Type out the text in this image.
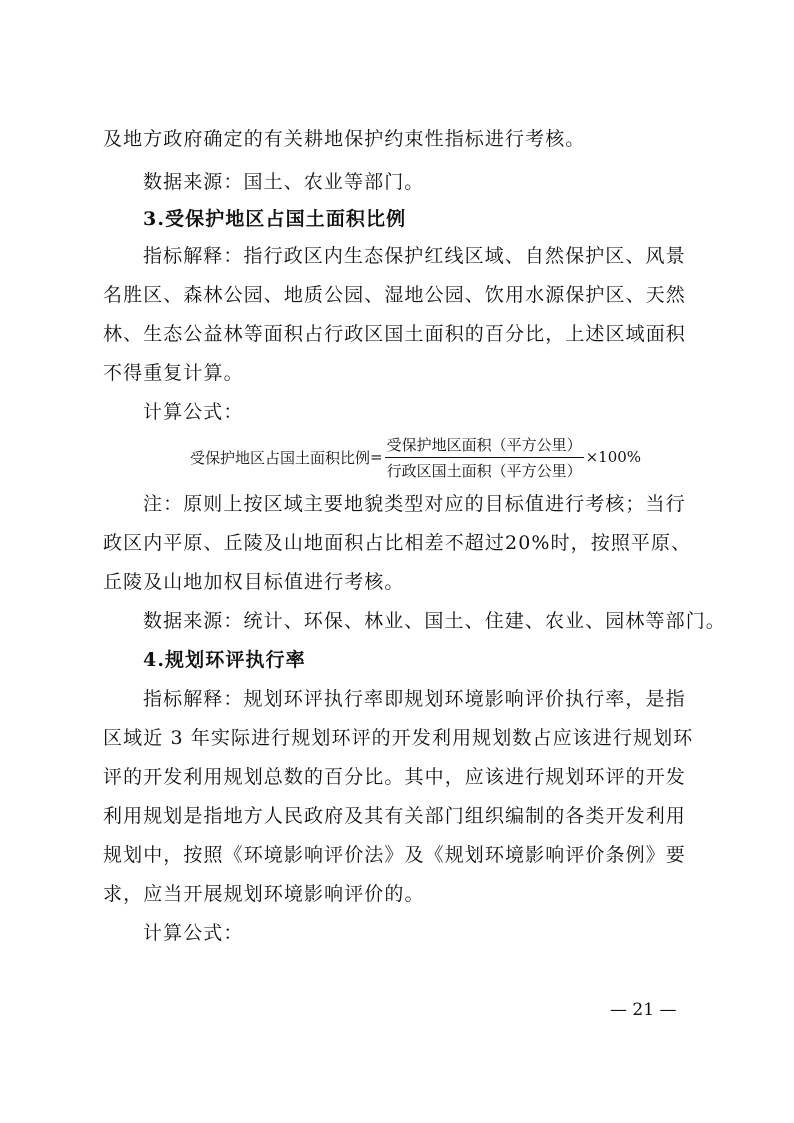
及地方政府确定的有关耕地保护约束性指标进行考核。
数据来源：国土、农业等部门。
3.受保护地区占国土面积比例
指标解释：指行政区内生态保护红线区域、自然保护区、风景
名胜区、森林公园、地质公园、湿地公园、饮用水源保护区、天然
林、生态公益林等面积占行政区国土面积的百分比，上述区域面积
不得重复计算。
计算公式：
受保护地区占国土面积比例 = $\frac{\text{受保护地区面积（平方公里）}}{\text{行政区国土面积（平方公里）}} \times 100\%$
注：原则上按区域主要地貌类型对应的目标值进行考核；当行
政区内平原、丘陵及山地面积占比相差不超过20%时，按照平原、
丘陵及山地加权目标值进行考核。
数据来源：统计、环保、林业、国土、住建、农业、园林等部门。
4.规划环评执行率
指标解释：规划环评执行率即规划环境影响评价执行率，是指
区域近 3 年实际进行规划环评的开发利用规划数占应该进行规划环
评的开发利用规划总数的百分比。其中，应该进行规划环评的开发
利用规划是指地方人民政府及其有关部门组织编制的各类开发利用
规划中，按照《环境影响评价法》及《规划环境影响评价条例》要
求，应当开展规划环境影响评价的。
计算公式：
— 21 —
